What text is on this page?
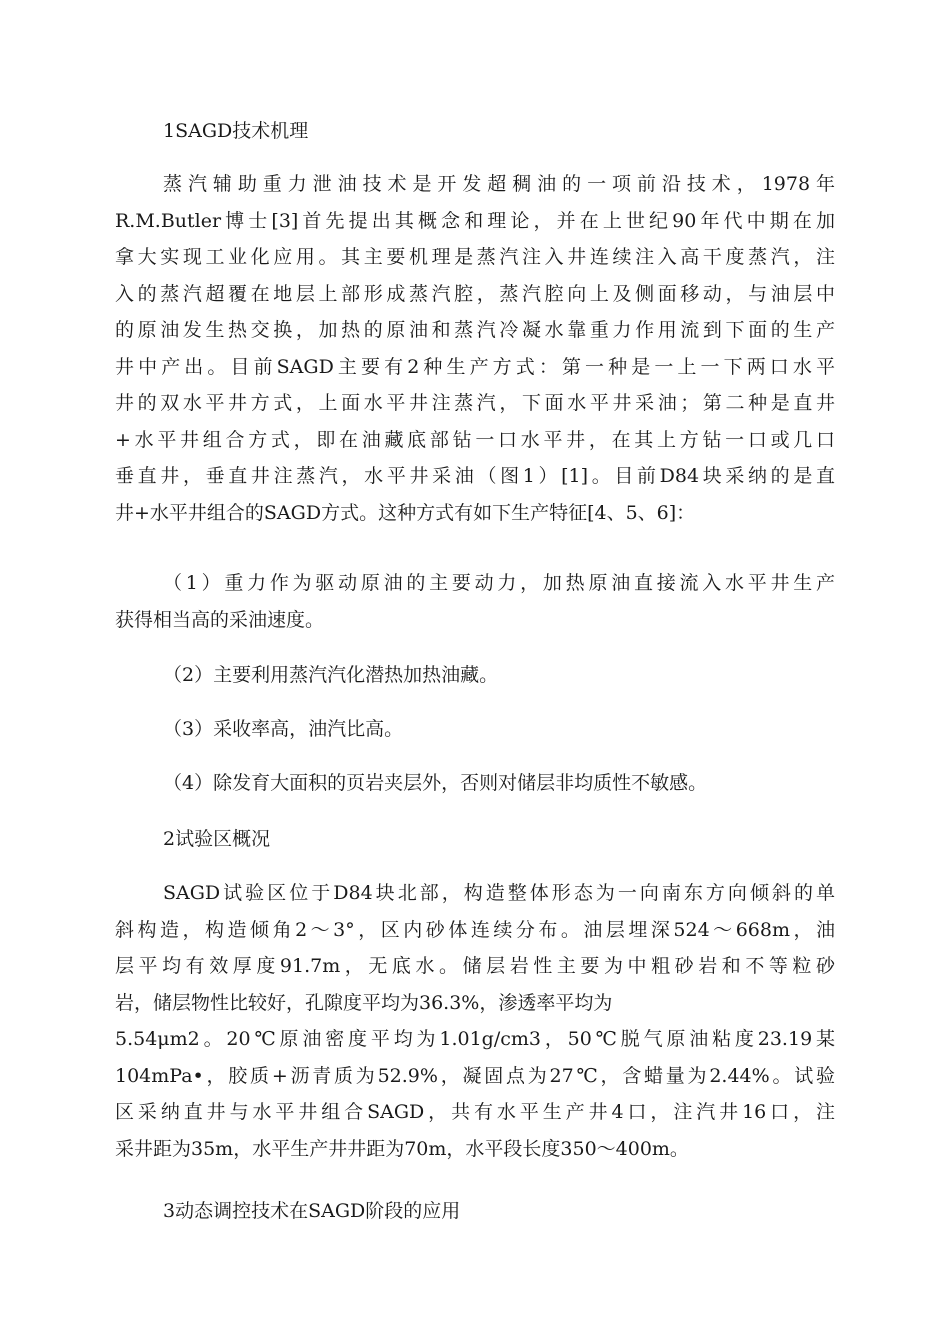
1SAGD技术机理
蒸汽辅助重力泄油技术是开发超稠油的一项前沿技术，1978年
R.M.Butler博士[3]首先提出其概念和理论，并在上世纪90年代中期在加
拿大实现工业化应用。其主要机理是蒸汽注入井连续注入高干度蒸汽，注
入的蒸汽超覆在地层上部形成蒸汽腔，蒸汽腔向上及侧面移动，与油层中
的原油发生热交换，加热的原油和蒸汽冷凝水靠重力作用流到下面的生产
井中产出。目前SAGD主要有2种生产方式：第一种是一上一下两口水平
井的双水平井方式，上面水平井注蒸汽，下面水平井采油；第二种是直井
+水平井组合方式，即在油藏底部钻一口水平井，在其上方钻一口或几口
垂直井，垂直井注蒸汽，水平井采油（图1）[1]。目前D84块采纳的是直
井+水平井组合的SAGD方式。这种方式有如下生产特征[4、5、6]：
（1）重力作为驱动原油的主要动力，加热原油直接流入水平井生产
获得相当高的采油速度。
（2）主要利用蒸汽汽化潜热加热油藏。
（3）采收率高，油汽比高。
（4）除发育大面积的页岩夹层外，否则对储层非均质性不敏感。
2试验区概况
SAGD试验区位于D84块北部，构造整体形态为一向南东方向倾斜的单
斜构造，构造倾角2～3°，区内砂体连续分布。油层埋深524～668m，油
层平均有效厚度91.7m，无底水。储层岩性主要为中粗砂岩和不等粒砂
岩，储层物性比较好，孔隙度平均为36.3%，渗透率平均为
5.54μm2。20℃原油密度平均为1.01g/cm3，50℃脱气原油粘度23.19某
104mPa•，胶质+沥青质为52.9%，凝固点为27℃，含蜡量为2.44%。试验
区采纳直井与水平井组合SAGD，共有水平生产井4口，注汽井16口，注
采井距为35m，水平生产井井距为70m，水平段长度350～400m。
3动态调控技术在SAGD阶段的应用
